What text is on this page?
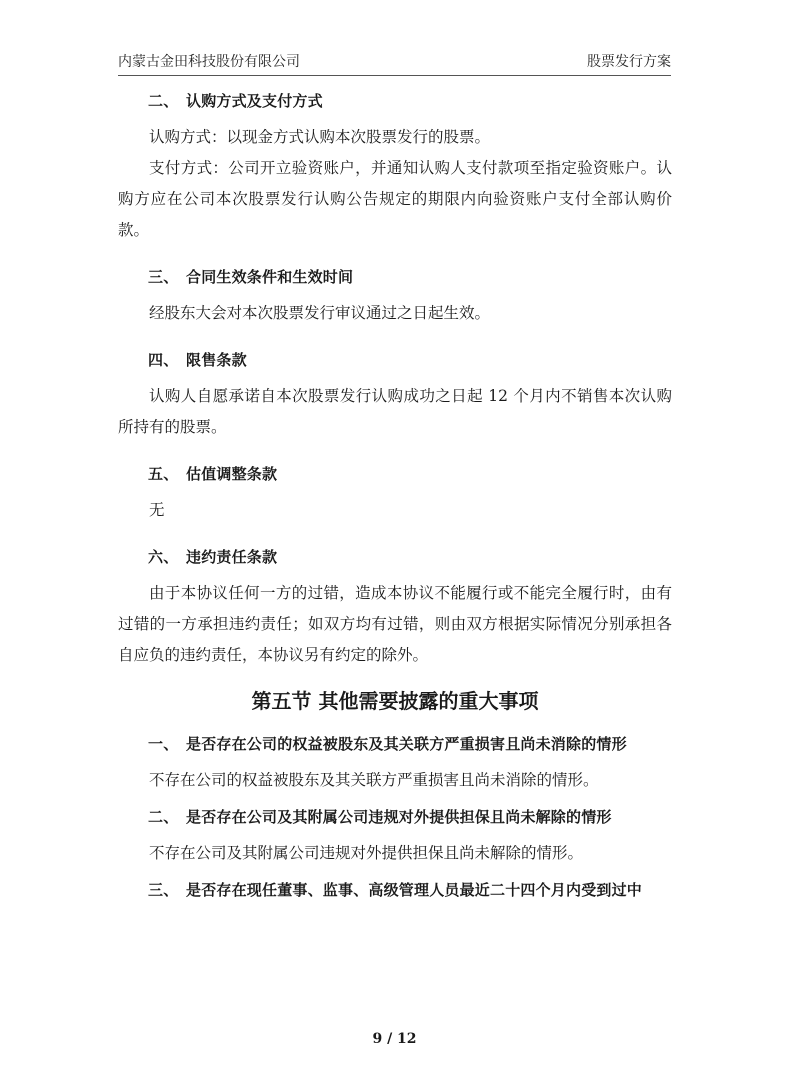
内蒙古金田科技股份有限公司	股票发行方案
二、 认购方式及支付方式

认购方式：以现金方式认购本次股票发行的股票。

支付方式：公司开立验资账户，并通知认购人支付款项至指定验资账户。认购方应在公司本次股票发行认购公告规定的期限内向验资账户支付全部认购价款。

三、 合同生效条件和生效时间

经股东大会对本次股票发行审议通过之日起生效。

四、 限售条款

认购人自愿承诺自本次股票发行认购成功之日起 12 个月内不销售本次认购所持有的股票。

五、 估值调整条款

无

六、 违约责任条款

由于本协议任何一方的过错，造成本协议不能履行或不能完全履行时，由有过错的一方承担违约责任；如双方均有过错，则由双方根据实际情况分别承担各自应负的违约责任，本协议另有约定的除外。

第五节 其他需要披露的重大事项
一、 是否存在公司的权益被股东及其关联方严重损害且尚未消除的情形

不存在公司的权益被股东及其关联方严重损害且尚未消除的情形。

二、 是否存在公司及其附属公司违规对外提供担保且尚未解除的情形

不存在公司及其附属公司违规对外提供担保且尚未解除的情形。

三、 是否存在现任董事、监事、高级管理人员最近二十四个月内受到过中
9 / 12
